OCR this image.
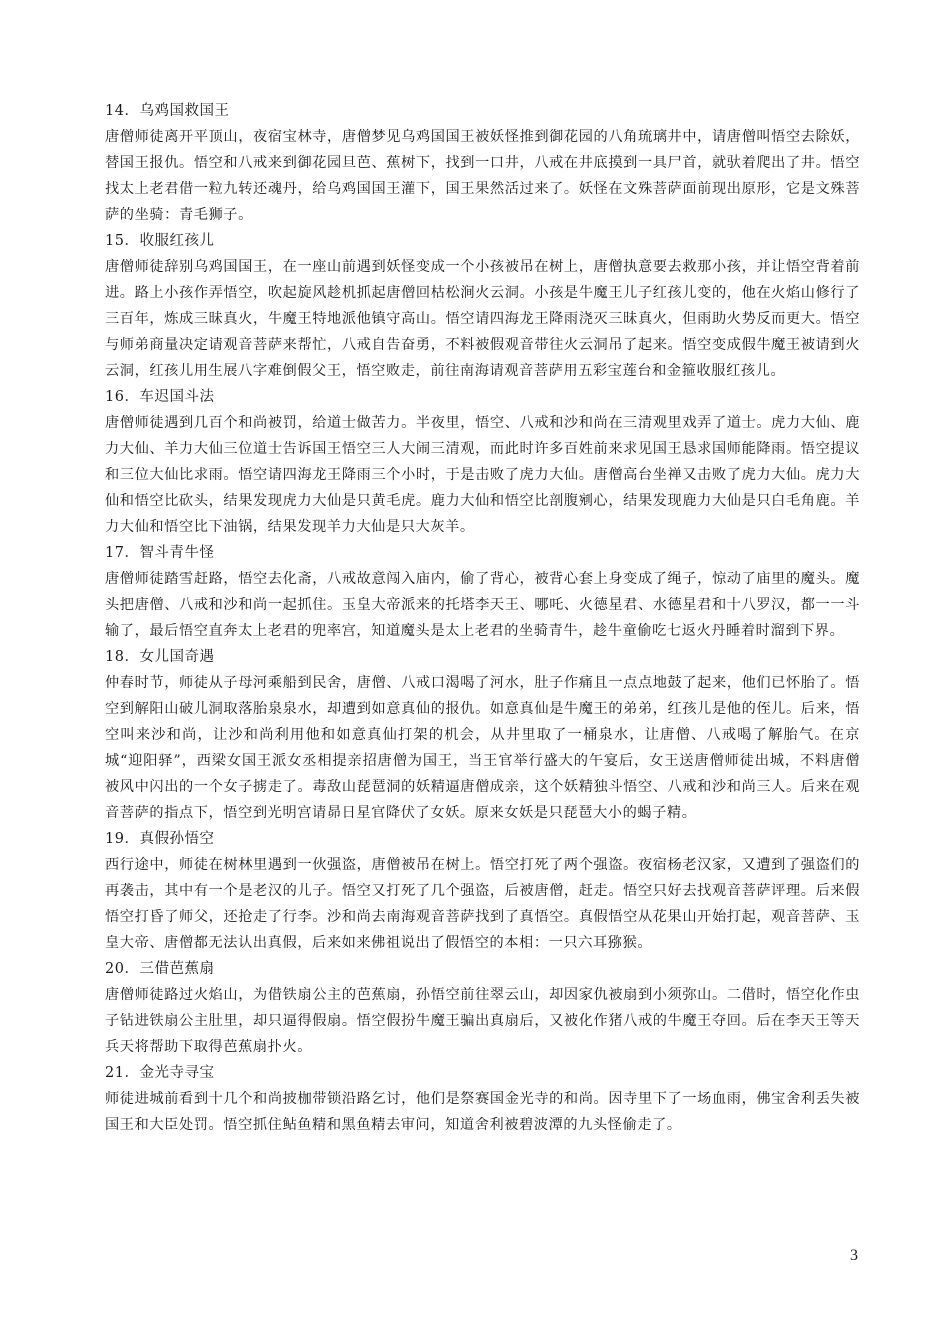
14．乌鸡国救国王

唐僧师徒离开平顶山，夜宿宝林寺，唐僧梦见乌鸡国国王被妖怪推到御花园的八角琉璃井中，请唐僧叫悟空去除妖，替国王报仇。悟空和八戒来到御花园旦芭、蕉树下，找到一口井，八戒在井底摸到一具尸首，就驮着爬出了井。悟空找太上老君借一粒九转还魂丹，给乌鸡国国王灌下，国王果然活过来了。妖怪在文殊菩萨面前现出原形，它是文殊菩萨的坐骑：青毛狮子。

15．收服红孩儿

唐僧师徒辞别乌鸡国国王，在一座山前遇到妖怪变成一个小孩被吊在树上，唐僧执意要去救那小孩，并让悟空背着前进。路上小孩作弄悟空，吹起旋风趁机抓起唐僧回枯松涧火云洞。小孩是牛魔王儿子红孩儿变的，他在火焰山修行了三百年，炼成三昧真火，牛魔王特地派他镇守高山。悟空请四海龙王降雨浇灭三昧真火，但雨助火势反而更大。悟空与师弟商量决定请观音菩萨来帮忙，八戒自告奋勇，不料被假观音带往火云洞吊了起来。悟空变成假牛魔王被请到火云洞，红孩儿用生展八字难倒假父王，悟空败走，前往南海请观音菩萨用五彩宝莲台和金箍收服红孩儿。

16．车迟国斗法

唐僧师徒遇到几百个和尚被罚，给道士做苦力。半夜里，悟空、八戒和沙和尚在三清观里戏弄了道士。虎力大仙、鹿力大仙、羊力大仙三位道士告诉国王悟空三人大闹三清观，而此时许多百姓前来求见国王恳求国师能降雨。悟空提议和三位大仙比求雨。悟空请四海龙王降雨三个小时，于是击败了虎力大仙。唐僧高台坐禅又击败了虎力大仙。虎力大仙和悟空比砍头，结果发现虎力大仙是只黄毛虎。鹿力大仙和悟空比剖腹剜心，结果发现鹿力大仙是只白毛角鹿。羊力大仙和悟空比下油锅，结果发现羊力大仙是只大灰羊。

17．智斗青牛怪

唐僧师徒踏雪赶路，悟空去化斋，八戒故意闯入庙内，偷了背心，被背心套上身变成了绳子，惊动了庙里的魔头。魔头把唐僧、八戒和沙和尚一起抓住。玉皇大帝派来的托塔李天王、哪吒、火德星君、水德星君和十八罗汉，都一一斗输了，最后悟空直奔太上老君的兜率宫，知道魔头是太上老君的坐骑青牛，趁牛童偷吃七返火丹睡着时溜到下界。

18．女儿国奇遇

仲春时节，师徒从子母河乘船到民舍，唐僧、八戒口渴喝了河水，肚子作痛且一点点地鼓了起来，他们已怀胎了。悟空到解阳山破儿洞取落胎泉泉水，却遭到如意真仙的报仇。如意真仙是牛魔王的弟弟，红孩儿是他的侄儿。后来，悟空叫来沙和尚，让沙和尚利用他和如意真仙打架的机会，从井里取了一桶泉水，让唐僧、八戒喝了解胎气。在京城“迎阳驿”，西梁女国王派女丞相提亲招唐僧为国王，当王官举行盛大的午宴后，女王送唐僧师徒出城，不料唐僧被风中闪出的一个女子掳走了。毒敌山琵琶洞的妖精逼唐僧成亲，这个妖精独斗悟空、八戒和沙和尚三人。后来在观音菩萨的指点下，悟空到光明宫请昴日星官降伏了女妖。原来女妖是只琵琶大小的蝎子精。

19．真假孙悟空

西行途中，师徒在树林里遇到一伙强盗，唐僧被吊在树上。悟空打死了两个强盗。夜宿杨老汉家，又遭到了强盗们的再袭击，其中有一个是老汉的儿子。悟空又打死了几个强盗，后被唐僧，赶走。悟空只好去找观音菩萨评理。后来假悟空打昏了师父，还抢走了行李。沙和尚去南海观音菩萨找到了真悟空。真假悟空从花果山开始打起，观音菩萨、玉皇大帝、唐僧都无法认出真假，后来如来佛祖说出了假悟空的本相：一只六耳猕猴。

20．三借芭蕉扇

唐僧师徒路过火焰山，为借铁扇公主的芭蕉扇，孙悟空前往翠云山，却因家仇被扇到小须弥山。二借时，悟空化作虫子钻进铁扇公主肚里，却只逼得假扇。悟空假扮牛魔王骗出真扇后，又被化作猪八戒的牛魔王夺回。后在李天王等天兵天将帮助下取得芭蕉扇扑火。

21．金光寺寻宝

师徒进城前看到十几个和尚披枷带锁沿路乞讨，他们是祭赛国金光寺的和尚。因寺里下了一场血雨，佛宝舍利丢失被国王和大臣处罚。悟空抓住鲇鱼精和黑鱼精去审问，知道舍利被碧波潭的九头怪偷走了。

3
